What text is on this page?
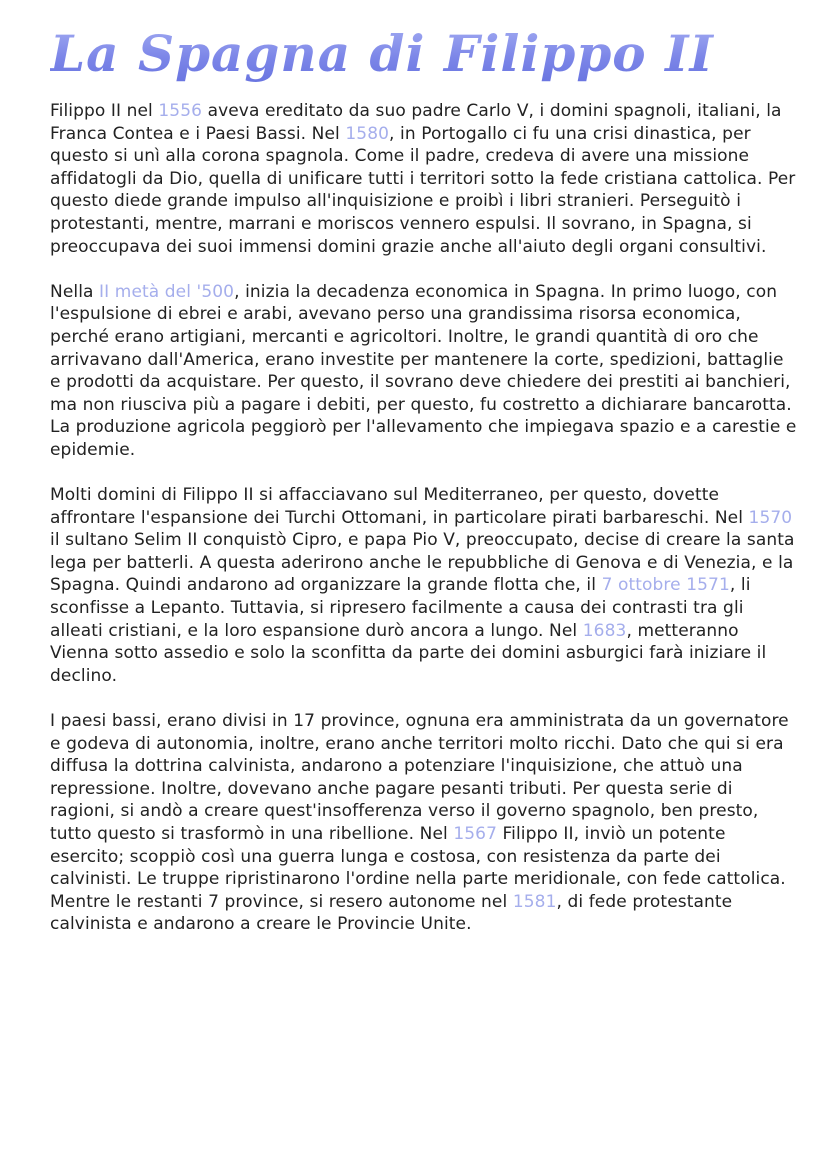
La Spagna di Filippo II

Filippo II nel 1556 aveva ereditato da suo padre Carlo V, i domini spagnoli, italiani, la Franca Contea e i Paesi Bassi. Nel 1580, in Portogallo ci fu una crisi dinastica, per questo si unì alla corona spagnola. Come il padre, credeva di avere una missione affidatogli da Dio, quella di unificare tutti i territori sotto la fede cristiana cattolica. Per questo diede grande impulso all'inquisizione e proibì i libri stranieri. Perseguitò i protestanti, mentre, marrani e moriscos vennero espulsi. Il sovrano, in Spagna, si preoccupava dei suoi immensi domini grazie anche all'aiuto degli organi consultivi.

Nella II metà del '500, inizia la decadenza economica in Spagna. In primo luogo, con l'espulsione di ebrei e arabi, avevano perso una grandissima risorsa economica, perché erano artigiani, mercanti e agricoltori. Inoltre, le grandi quantità di oro che arrivavano dall'America, erano investite per mantenere la corte, spedizioni, battaglie e prodotti da acquistare. Per questo, il sovrano deve chiedere dei prestiti ai banchieri, ma non riusciva più a pagare i debiti, per questo, fu costretto a dichiarare bancarotta. La produzione agricola peggiorò per l'allevamento che impiegava spazio e a carestie e epidemie.

Molti domini di Filippo II si affacciavano sul Mediterraneo, per questo, dovette affrontare l'espansione dei Turchi Ottomani, in particolare pirati barbareschi. Nel 1570 il sultano Selim II conquistò Cipro, e papa Pio V, preoccupato, decise di creare la santa lega per batterli. A questa aderirono anche le repubbliche di Genova e di Venezia, e la Spagna. Quindi andarono ad organizzare la grande flotta che, il 7 ottobre 1571, li sconfisse a Lepanto. Tuttavia, si ripresero facilmente a causa dei contrasti tra gli alleati cristiani, e la loro espansione durò ancora a lungo. Nel 1683, metteranno Vienna sotto assedio e solo la sconfitta da parte dei domini asburgici farà iniziare il declino.

I paesi bassi, erano divisi in 17 province, ognuna era amministrata da un governatore e godeva di autonomia, inoltre, erano anche territori molto ricchi. Dato che qui si era diffusa la dottrina calvinista, andarono a potenziare l'inquisizione, che attuò una repressione. Inoltre, dovevano anche pagare pesanti tributi. Per questa serie di ragioni, si andò a creare quest'insofferenza verso il governo spagnolo, ben presto, tutto questo si trasformò in una ribellione. Nel 1567 Filippo II, inviò un potente esercito; scoppiò così una guerra lunga e costosa, con resistenza da parte dei calvinisti. Le truppe ripristinarono l'ordine nella parte meridionale, con fede cattolica. Mentre le restanti 7 province, si resero autonome nel 1581, di fede protestante calvinista e andarono a creare le Provincie Unite.
